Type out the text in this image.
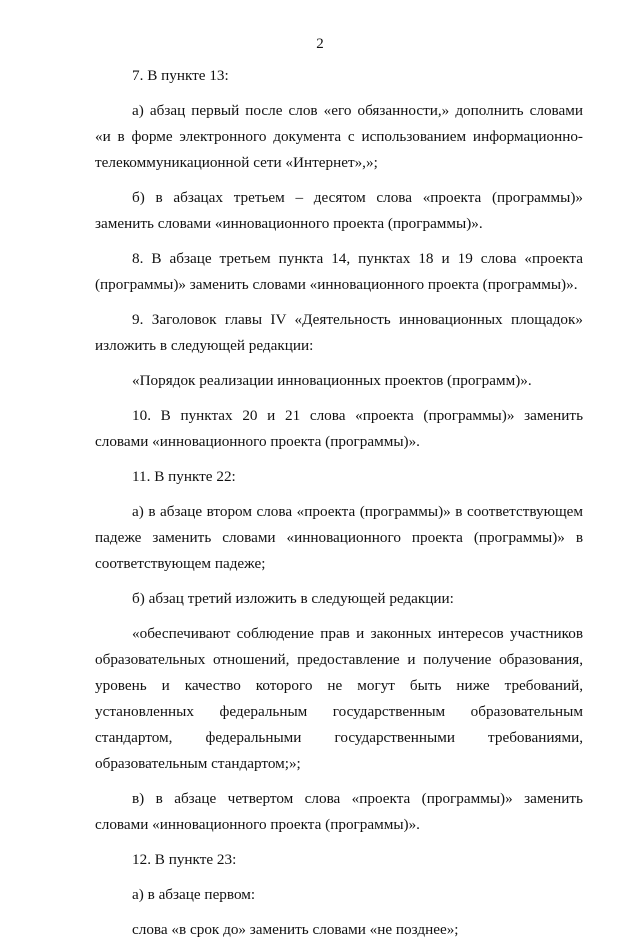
2

7. В пункте 13:

а) абзац первый после слов «его обязанности,» дополнить словами «и в форме электронного документа с использованием информационно-телекоммуникационной сети «Интернет»,»;

б) в абзацах третьем – десятом слова «проекта (программы)» заменить словами «инновационного проекта (программы)».

8. В абзаце третьем пункта 14, пунктах 18 и 19 слова «проекта (программы)» заменить словами «инновационного проекта (программы)».

9. Заголовок главы IV «Деятельность инновационных площадок» изложить в следующей редакции:

«Порядок реализации инновационных проектов (программ)».

10. В пунктах 20 и 21 слова «проекта (программы)» заменить словами «инновационного проекта (программы)».

11. В пункте 22:

а) в абзаце втором слова «проекта (программы)» в соответствующем падеже заменить словами «инновационного проекта (программы)» в соответствующем падеже;

б) абзац третий изложить в следующей редакции:

«обеспечивают соблюдение прав и законных интересов участников образовательных отношений, предоставление и получение образования, уровень и качество которого не могут быть ниже требований, установленных федеральным государственным образовательным стандартом, федеральными государственными требованиями, образовательным стандартом;»;

в) в абзаце четвертом слова «проекта (программы)» заменить словами «инновационного проекта (программы)».

12. В пункте 23:

а) в абзаце первом:

слова «в срок до» заменить словами «не позднее»;
